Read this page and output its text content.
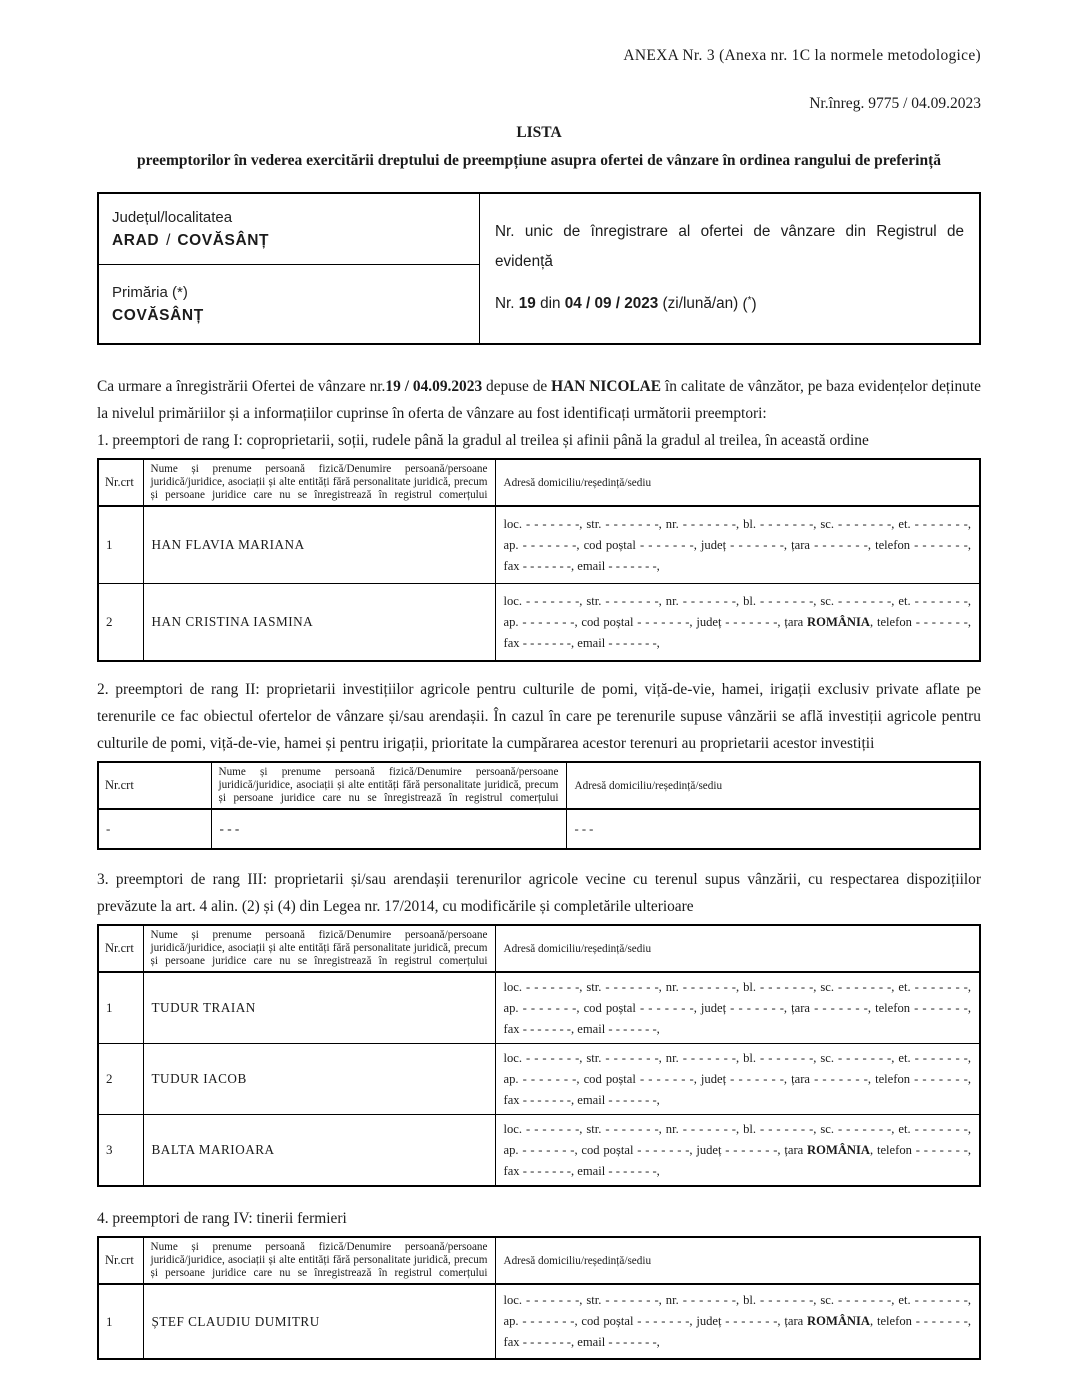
ANEXA Nr. 3 (Anexa nr. 1C la normele metodologice)
Nr.înreg. 9775 / 04.09.2023
LISTA
preemptorilor în vederea exercitării dreptului de preempțiune asupra ofertei de vânzare în ordinea rangului de preferință
Județul/localitatea
ARAD / COVĂSÂNȚ	Nr. unic de înregistrare al ofertei de vânzare din Registrul de evidență
Nr. 19 din 04 / 09 / 2023 (zi/lună/an) (*)

Primăria (*)
COVĂSÂNȚ

Ca urmare a înregistrării Ofertei de vânzare nr.19 / 04.09.2023 depuse de HAN NICOLAE în calitate de vânzător, pe baza evidențelor deținute la nivelul primăriilor și a informațiilor cuprinse în oferta de vânzare au fost identificați următorii preemptori:

1. preemptori de rang I: coproprietarii, soții, rudele până la gradul al treilea și afinii până la gradul al treilea, în această ordine

Nr.crt	Nume și prenume persoană fizică/Denumire persoană/persoane juridică/juridice, asociații și alte entități fără personalitate juridică, precum și persoane juridice care nu se înregistrează în registrul comerțului	Adresă domiciliu/reședință/sediu
1	HAN FLAVIA MARIANA	loc. - - - - - - -, str. - - - - - - -, nr. - - - - - - -, bl. - - - - - - -, sc. - - - - - - -, et. - - - - - - -,
ap. - - - - - - -, cod poștal - - - - - - -, județ - - - - - - -, țara - - - - - - -, telefon - - - - - - -,
fax - - - - - - -, email - - - - - - -,

2	HAN CRISTINA IASMINA	loc. - - - - - - -, str. - - - - - - -, nr. - - - - - - -, bl. - - - - - - -, sc. - - - - - - -, et. - - - - - - -,
ap. - - - - - - -, cod poștal - - - - - - -, județ - - - - - - -, țara ROMÂNIA, telefon - - - - - - -,
fax - - - - - - -, email - - - - - - -,

2. preemptori de rang II: proprietarii investițiilor agricole pentru culturile de pomi, viță-de-vie, hamei, irigații exclusiv private aflate pe terenurile ce fac obiectul ofertelor de vânzare și/sau arendașii. În cazul în care pe terenurile supuse vânzării se află investiții agricole pentru culturile de pomi, viță-de-vie, hamei și pentru irigații, prioritate la cumpărarea acestor terenuri au proprietarii acestor investiții

Nr.crt	Nume și prenume persoană fizică/Denumire persoană/persoane juridică/juridice, asociații și alte entități fără personalitate juridică, precum și persoane juridice care nu se înregistrează în registrul comerțului	Adresă domiciliu/reședință/sediu
-	- - -	- - -

3. preemptori de rang III: proprietarii și/sau arendașii terenurilor agricole vecine cu terenul supus vânzării, cu respectarea dispozițiilor prevăzute la art. 4 alin. (2) și (4) din Legea nr. 17/2014, cu modificările și completările ulterioare

Nr.crt	Nume și prenume persoană fizică/Denumire persoană/persoane juridică/juridice, asociații și alte entități fără personalitate juridică, precum și persoane juridice care nu se înregistrează în registrul comerțului	Adresă domiciliu/reședință/sediu
1	TUDUR TRAIAN	loc. - - - - - - -, str. - - - - - - -, nr. - - - - - - -, bl. - - - - - - -, sc. - - - - - - -, et. - - - - - - -,
ap. - - - - - - -, cod poștal - - - - - - -, județ - - - - - - -, țara - - - - - - -, telefon - - - - - - -,
fax - - - - - - -, email - - - - - - -,

2	TUDUR IACOB	loc. - - - - - - -, str. - - - - - - -, nr. - - - - - - -, bl. - - - - - - -, sc. - - - - - - -, et. - - - - - - -,
ap. - - - - - - -, cod poștal - - - - - - -, județ - - - - - - -, țara - - - - - - -, telefon - - - - - - -,
fax - - - - - - -, email - - - - - - -,

3	BALTA MARIOARA	loc. - - - - - - -, str. - - - - - - -, nr. - - - - - - -, bl. - - - - - - -, sc. - - - - - - -, et. - - - - - - -,
ap. - - - - - - -, cod poștal - - - - - - -, județ - - - - - - -, țara ROMÂNIA, telefon - - - - - - -,
fax - - - - - - -, email - - - - - - -,

4. preemptori de rang IV: tinerii fermieri

Nr.crt	Nume și prenume persoană fizică/Denumire persoană/persoane juridică/juridice, asociații și alte entități fără personalitate juridică, precum și persoane juridice care nu se înregistrează în registrul comerțului	Adresă domiciliu/reședință/sediu
1	ȘTEF CLAUDIU DUMITRU	loc. - - - - - - -, str. - - - - - - -, nr. - - - - - - -, bl. - - - - - - -, sc. - - - - - - -, et. - - - - - - -,
ap. - - - - - - -, cod poștal - - - - - - -, județ - - - - - - -, țara ROMÂNIA, telefon - - - - - - -,
fax - - - - - - -, email - - - - - - -,
